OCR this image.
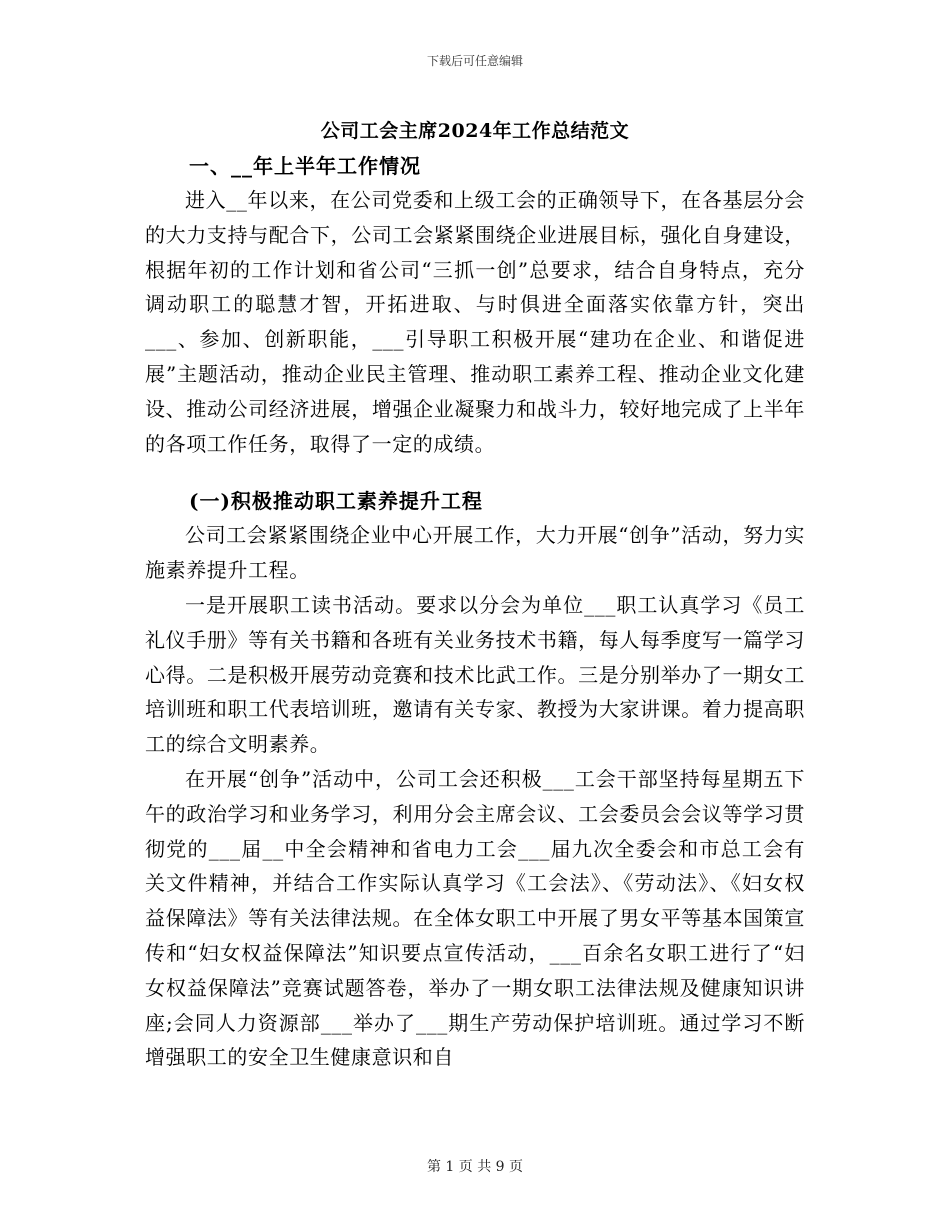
下载后可任意编辑
公司工会主席2024年工作总结范文
一、__年上半年工作情况

进入__年以来，在公司党委和上级工会的正确领导下，在各基层分会的大力支持与配合下，公司工会紧紧围绕企业进展目标，强化自身建设，根据年初的工作计划和省公司“三抓一创”总要求，结合自身特点，充分调动职工的聪慧才智，开拓进取、与时俱进全面落实依靠方针，突出___、参加、创新职能，___引导职工积极开展“建功在企业、和谐促进展”主题活动，推动企业民主管理、推动职工素养工程、推动企业文化建设、推动公司经济进展，增强企业凝聚力和战斗力，较好地完成了上半年的各项工作任务，取得了一定的成绩。

(一)积极推动职工素养提升工程

公司工会紧紧围绕企业中心开展工作，大力开展“创争”活动，努力实施素养提升工程。

一是开展职工读书活动。要求以分会为单位___职工认真学习《员工礼仪手册》等有关书籍和各班有关业务技术书籍，每人每季度写一篇学习心得。二是积极开展劳动竞赛和技术比武工作。三是分别举办了一期女工培训班和职工代表培训班，邀请有关专家、教授为大家讲课。着力提高职工的综合文明素养。

在开展“创争”活动中，公司工会还积极___工会干部坚持每星期五下午的政治学习和业务学习，利用分会主席会议、工会委员会会议等学习贯彻党的___届__中全会精神和省电力工会___届九次全委会和市总工会有关文件精神，并结合工作实际认真学习《工会法》、《劳动法》、《妇女权益保障法》等有关法律法规。在全体女职工中开展了男女平等基本国策宣传和“妇女权益保障法”知识要点宣传活动，___百余名女职工进行了“妇女权益保障法”竞赛试题答卷，举办了一期女职工法律法规及健康知识讲座;会同人力资源部___举办了___期生产劳动保护培训班。通过学习不断增强职工的安全卫生健康意识和自

第 1 页 共 9 页
